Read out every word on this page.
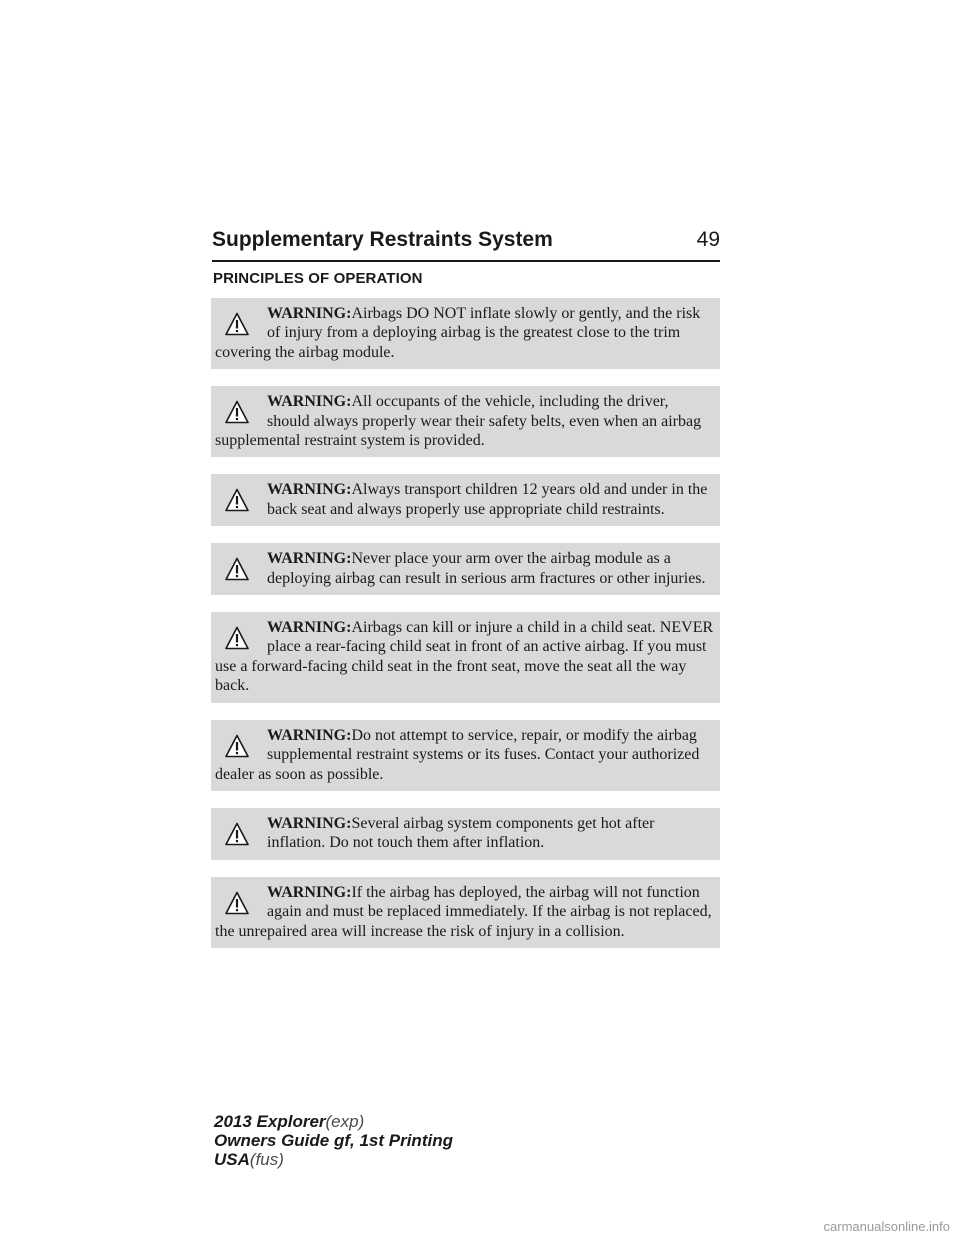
Supplementary Restraints System	49
PRINCIPLES OF OPERATION
WARNING:Airbags DO NOT inflate slowly or gently, and the risk of injury from a deploying airbag is the greatest close to the trim covering the airbag module.
WARNING:All occupants of the vehicle, including the driver, should always properly wear their safety belts, even when an airbag supplemental restraint system is provided.
WARNING:Always transport children 12 years old and under in the back seat and always properly use appropriate child restraints.
WARNING:Never place your arm over the airbag module as a deploying airbag can result in serious arm fractures or other injuries.
WARNING:Airbags can kill or injure a child in a child seat. NEVER place a rear-facing child seat in front of an active airbag. If you must use a forward-facing child seat in the front seat, move the seat all the way back.
WARNING:Do not attempt to service, repair, or modify the airbag supplemental restraint systems or its fuses. Contact your authorized dealer as soon as possible.
WARNING:Several airbag system components get hot after inflation. Do not touch them after inflation.
WARNING:If the airbag has deployed, the airbag will not function again and must be replaced immediately. If the airbag is not replaced, the unrepaired area will increase the risk of injury in a collision.
2013 Explorer(exp)
Owners Guide gf, 1st Printing
USA(fus)
carmanualsonline.info
